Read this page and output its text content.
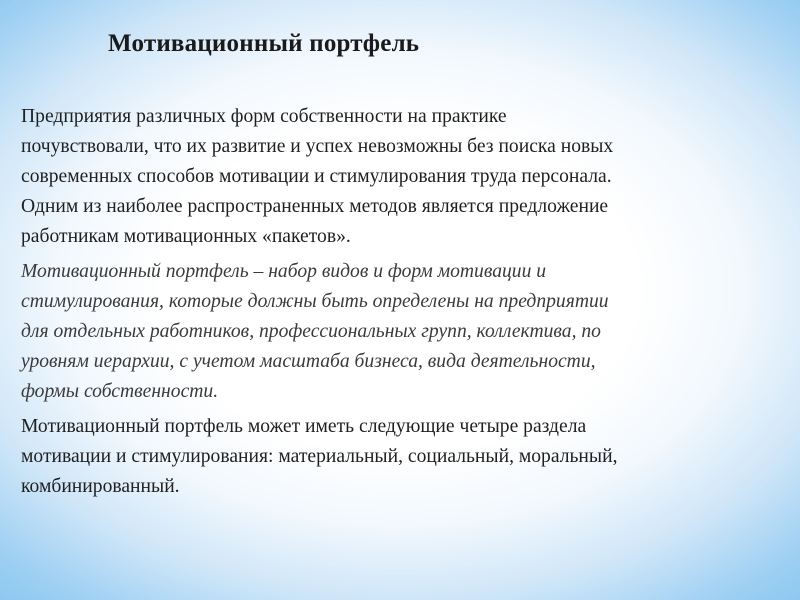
Мотивационный портфель

Предприятия различных форм собственности на практике
почувствовали, что их развитие и успех невозможны без поиска новых
современных способов мотивации и стимулирования труда персонала.
Одним из наиболее распространенных методов является предложение
работникам мотивационных «пакетов».

Мотивационный портфель – набор видов и форм мотивации и
стимулирования, которые должны быть определены на предприятии
для отдельных работников, профессиональных групп, коллектива, по
уровням иерархии, с учетом масштаба бизнеса, вида деятельности,
формы собственности.

Мотивационный портфель может иметь следующие четыре раздела
мотивации и стимулирования: материальный, социальный, моральный,
комбинированный.
